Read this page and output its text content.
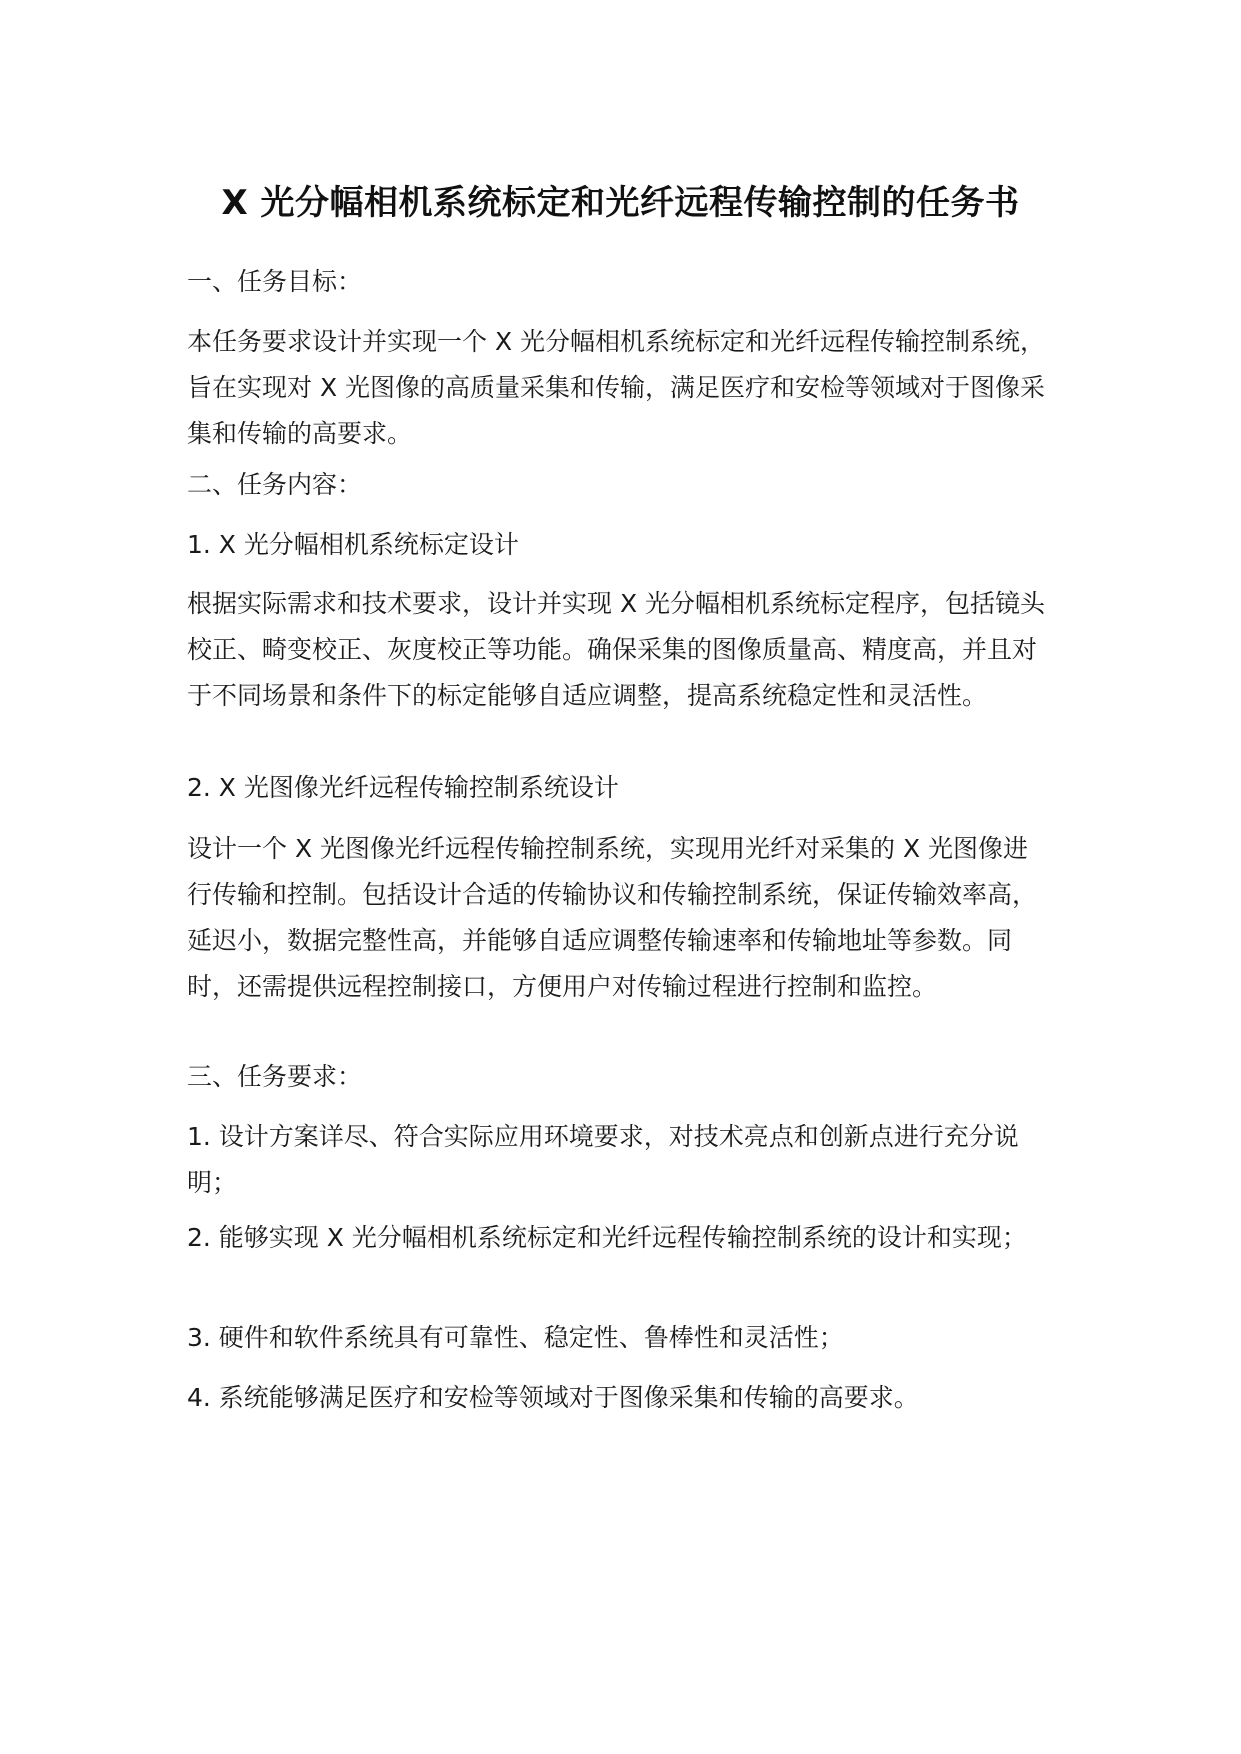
X 光分幅相机系统标定和光纤远程传输控制的任务书

一、任务目标：

本任务要求设计并实现一个 X 光分幅相机系统标定和光纤远程传输控制系统，旨在实现对 X 光图像的高质量采集和传输，满足医疗和安检等领域对于图像采集和传输的高要求。

二、任务内容：

1. X 光分幅相机系统标定设计

根据实际需求和技术要求，设计并实现 X 光分幅相机系统标定程序，包括镜头校正、畸变校正、灰度校正等功能。确保采集的图像质量高、精度高，并且对于不同场景和条件下的标定能够自适应调整，提高系统稳定性和灵活性。

2. X 光图像光纤远程传输控制系统设计

设计一个 X 光图像光纤远程传输控制系统，实现用光纤对采集的 X 光图像进行传输和控制。包括设计合适的传输协议和传输控制系统，保证传输效率高，延迟小，数据完整性高，并能够自适应调整传输速率和传输地址等参数。同时，还需提供远程控制接口，方便用户对传输过程进行控制和监控。

三、任务要求：

1. 设计方案详尽、符合实际应用环境要求，对技术亮点和创新点进行充分说明；

2. 能够实现 X 光分幅相机系统标定和光纤远程传输控制系统的设计和实现；

3. 硬件和软件系统具有可靠性、稳定性、鲁棒性和灵活性；

4. 系统能够满足医疗和安检等领域对于图像采集和传输的高要求。
